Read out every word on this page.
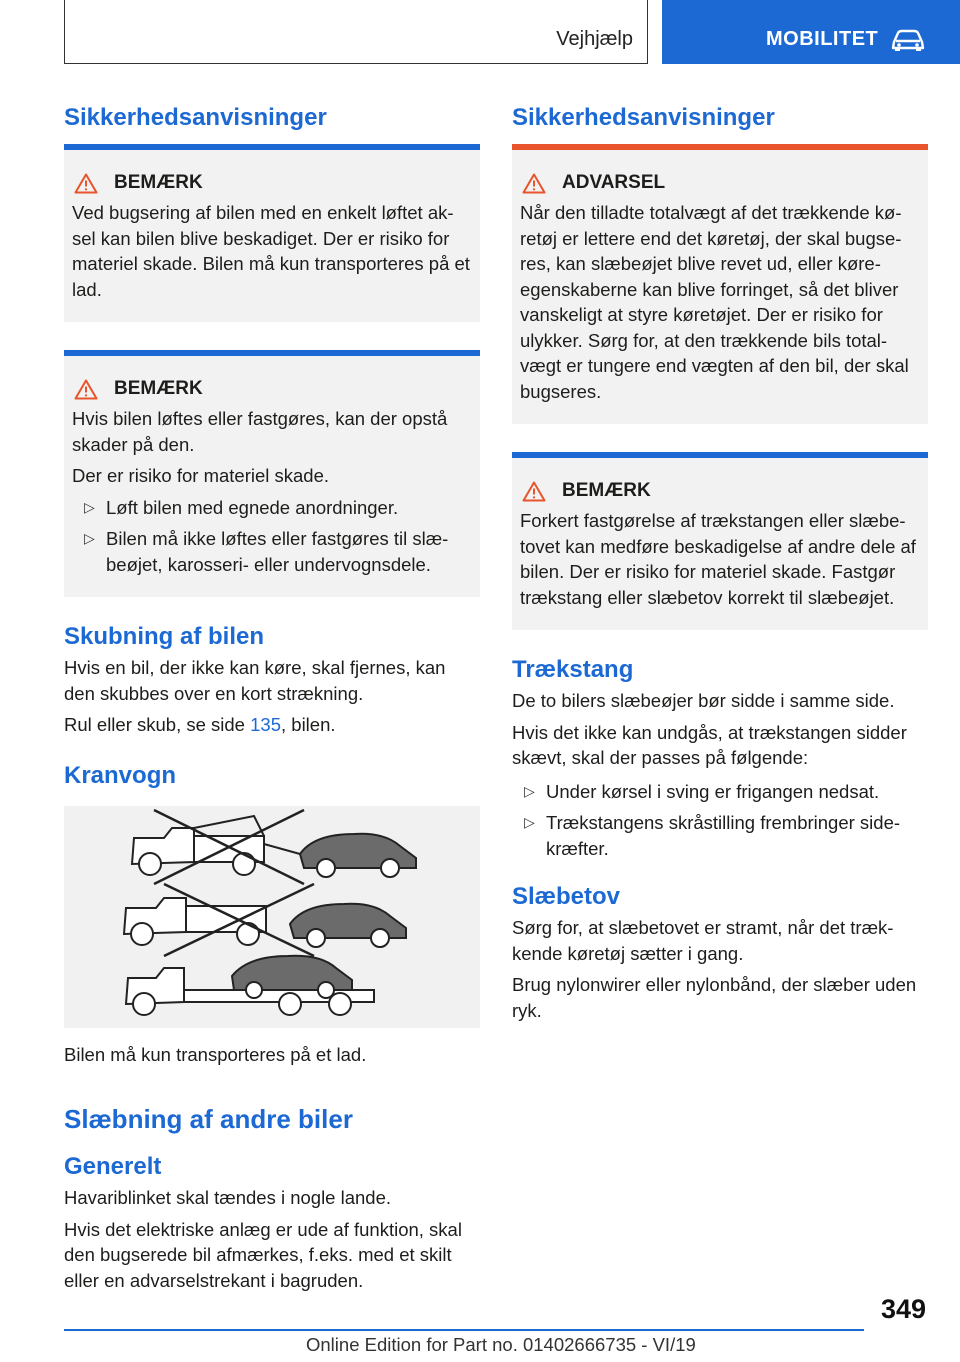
Vejhjælp	MOBILITET
Sikkerhedsanvisninger
BEMÆRK

Ved bugsering af bilen med en enkelt løftet ak‐sel kan bilen blive beskadiget. Der er risiko for materiel skade. Bilen må kun transporteres på et lad.

BEMÆRK

Hvis bilen løftes eller fastgøres, kan der opstå skader på den.

Der er risiko for materiel skade.

▷ Løft bilen med egnede anordninger.
▷ Bilen må ikke løftes eller fastgøres til slæ‐beøjet, karosseri- eller undervognsdele.
Skubning af bilen

Hvis en bil, der ikke kan køre, skal fjernes, kan den skubbes over en kort strækning.

Rul eller skub, se side 135, bilen.

Kranvogn

Bilen må kun transporteres på et lad.

Slæbning af andre biler
Generelt

Havariblinket skal tændes i nogle lande.

Hvis det elektriske anlæg er ude af funktion, skal den bugserede bil afmærkes, f.eks. med et skilt eller en advarselstrekant i bagruden.

Sikkerhedsanvisninger
ADVARSEL

Når den tilladte totalvægt af det trækkende kø‐retøj er lettere end det køretøj, der skal bugse‐res, kan slæbeøjet blive revet ud, eller køre‐egenskaberne kan blive forringet, så det bliver vanskeligt at styre køretøjet. Der er risiko for ulykker. Sørg for, at den trækkende bils total‐vægt er tungere end vægten af den bil, der skal bugseres.

BEMÆRK

Forkert fastgørelse af trækstangen eller slæbe‐tovet kan medføre beskadigelse af andre dele af bilen. Der er risiko for materiel skade. Fastgør trækstang eller slæbetov korrekt til slæbeøjet.

Trækstang

De to bilers slæbeøjer bør sidde i samme side.

Hvis det ikke kan undgås, at trækstangen sidder skævt, skal der passes på følgende:

▷ Under kørsel i sving er frigangen nedsat.
▷ Trækstangens skråstilling frembringer side‐kræfter.
Slæbetov

Sørg for, at slæbetovet er stramt, når det træk‐kende køretøj sætter i gang.

Brug nylonwirer eller nylonbånd, der slæber uden ryk.

349
Online Edition for Part no. 01402666735 - VI/19
